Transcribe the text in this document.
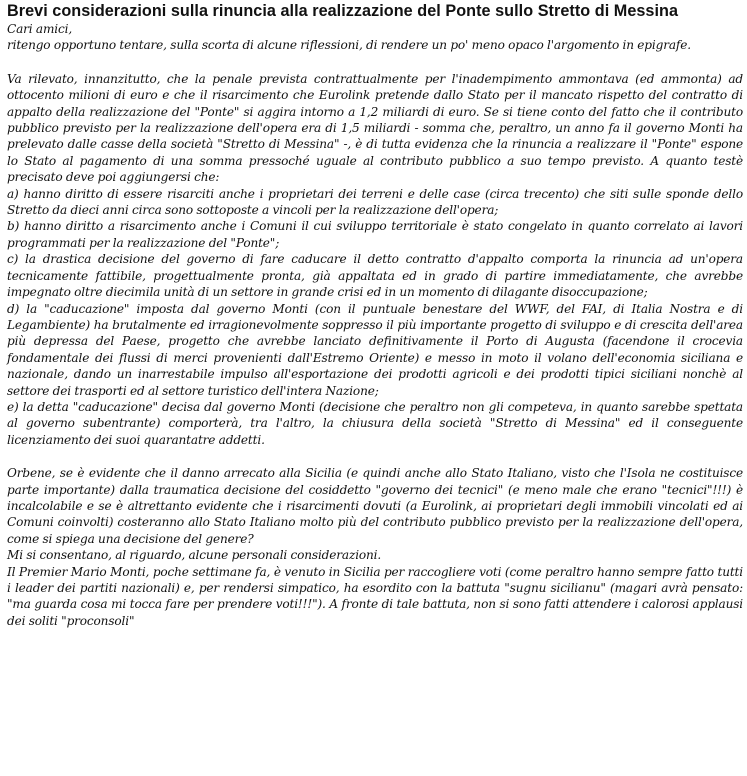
Brevi considerazioni sulla rinuncia alla realizzazione del Ponte sullo Stretto di Messina

Cari amici,

ritengo opportuno tentare, sulla scorta di alcune riflessioni, di rendere un po' meno opaco l'argomento in epigrafe.

Va rilevato, innanzitutto, che la penale prevista contrattualmente per l'inadempimento ammontava (ed ammonta) ad ottocento milioni di euro e che il risarcimento che Eurolink pretende dallo Stato per il mancato rispetto del contratto di appalto della realizzazione del "Ponte" si aggira intorno a 1,2 miliardi di euro. Se si tiene conto del fatto che il contributo pubblico previsto per la realizzazione dell'opera era di 1,5 miliardi - somma che, peraltro, un anno fa il governo Monti ha prelevato dalle casse della società "Stretto di Messina" -, è di tutta evidenza che la rinuncia a realizzare il "Ponte" espone lo Stato al pagamento di una somma pressoché uguale al contributo pubblico a suo tempo previsto. A quanto testè precisato deve poi aggiungersi che:

a) hanno diritto di essere risarciti anche i proprietari dei terreni e delle case (circa trecento) che siti sulle sponde dello Stretto da dieci anni circa sono sottoposte a vincoli per la realizzazione dell'opera;

b) hanno diritto a risarcimento anche i Comuni il cui sviluppo territoriale è stato congelato in quanto correlato ai lavori programmati per la realizzazione del "Ponte";

c) la drastica decisione del governo di fare caducare il detto contratto d'appalto comporta la rinuncia ad un'opera tecnicamente fattibile, progettualmente pronta, già appaltata ed in grado di partire immediatamente, che avrebbe impegnato oltre diecimila unità di un settore in grande crisi ed in un momento di dilagante disoccupazione;

d) la "caducazione" imposta dal governo Monti (con il puntuale benestare del WWF, del FAI, di Italia Nostra e di Legambiente) ha brutalmente ed irragionevolmente soppresso il più importante progetto di sviluppo e di crescita dell'area più depressa del Paese, progetto che avrebbe lanciato definitivamente il Porto di Augusta (facendone il crocevia fondamentale dei flussi di merci provenienti dall'Estremo Oriente) e messo in moto il volano dell'economia siciliana e nazionale, dando un inarrestabile impulso all'esportazione dei prodotti agricoli e dei prodotti tipici siciliani nonchè al settore dei trasporti ed al settore turistico dell'intera Nazione;

e) la detta "caducazione" decisa dal governo Monti (decisione che peraltro non gli competeva, in quanto sarebbe spettata al governo subentrante) comporterà, tra l'altro, la chiusura della società "Stretto di Messina" ed il conseguente licenziamento dei suoi quarantatre addetti.

Orbene, se è evidente che il danno arrecato alla Sicilia (e quindi anche allo Stato Italiano, visto che l'Isola ne costituisce parte importante) dalla traumatica decisione del cosiddetto "governo dei tecnici" (e meno male che erano "tecnici"!!!) è incalcolabile e se è altrettanto evidente che i risarcimenti dovuti (a Eurolink, ai proprietari degli immobili vincolati ed ai Comuni coinvolti) costeranno allo Stato Italiano molto più del contributo pubblico previsto per la realizzazione dell'opera, come si spiega una decisione del genere?

Mi si consentano, al riguardo, alcune personali considerazioni.

Il Premier Mario Monti, poche settimane fa, è venuto in Sicilia per raccogliere voti (come peraltro hanno sempre fatto tutti i leader dei partiti nazionali) e, per rendersi simpatico, ha esordito con la battuta "sugnu sicilianu" (magari avrà pensato: "ma guarda cosa mi tocca fare per prendere voti!!!"). A fronte di tale battuta, non si sono fatti attendere i calorosi applausi dei soliti "proconsoli"
